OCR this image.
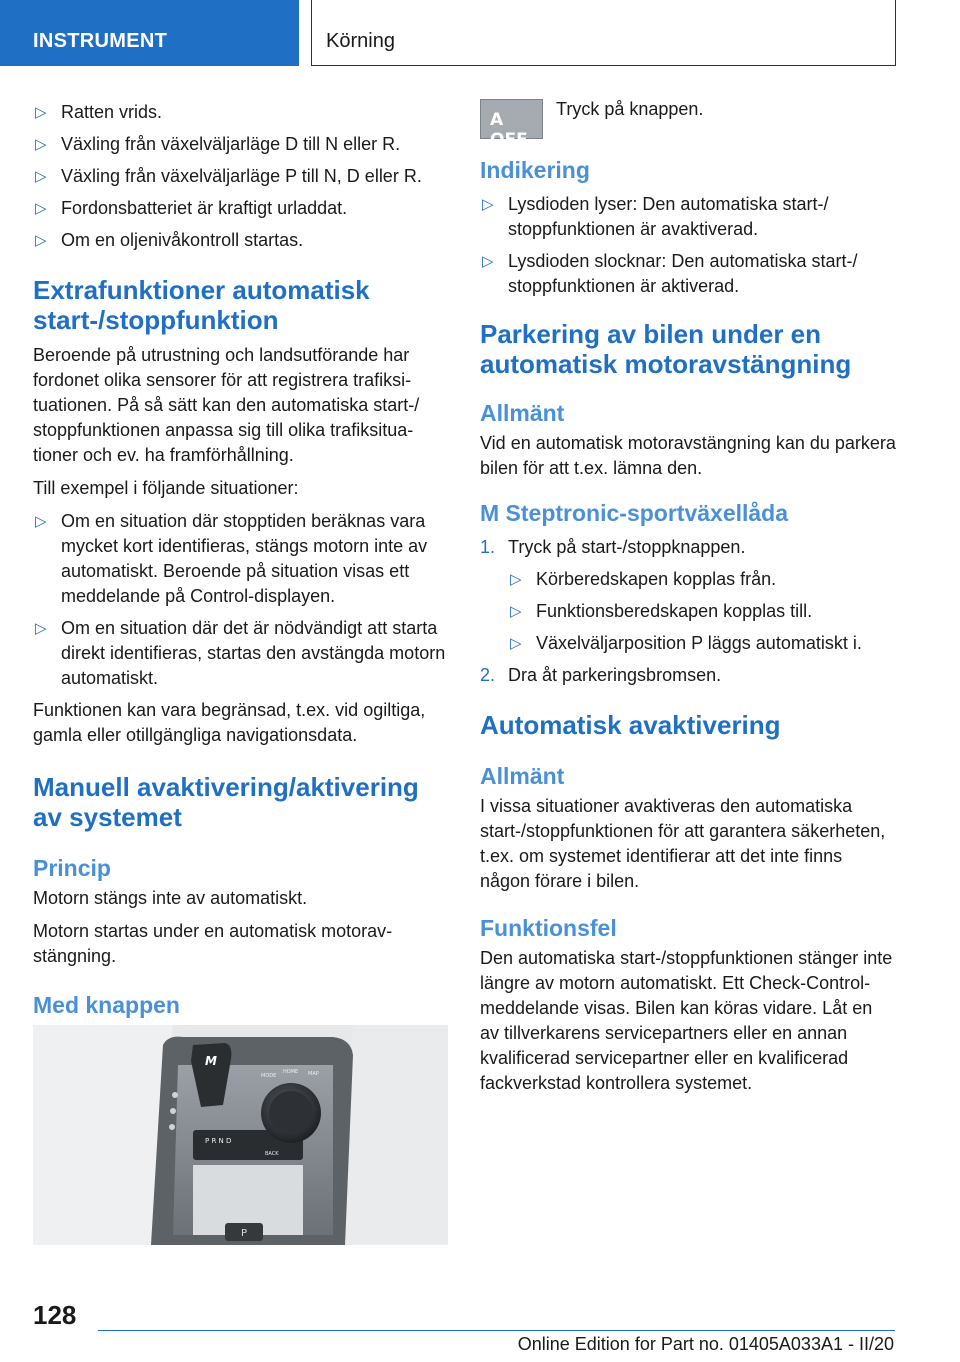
INSTRUMENT	Körning
▷ Ratten vrids.
▷ Växling från växelväljarläge D till N eller R.
▷ Växling från växelväljarläge P till N, D eller R.
▷ Fordonsbatteriet är kraftigt urladdat.
▷ Om en oljenivåkontroll startas.
Extrafunktioner automatisk start-/stoppfunktion

Beroende på utrustning och landsutförande har fordonet olika sensorer för att registrera trafiksituationen. På så sätt kan den automatiska start-/ stoppfunktionen anpassa sig till olika trafiksituationer och ev. ha framförhållning.

Till exempel i följande situationer:

▷ Om en situation där stopptiden beräknas vara mycket kort identifieras, stängs motorn inte av automatiskt. Beroende på situation visas ett meddelande på Control-displayen.
▷ Om en situation där det är nödvändigt att starta direkt identifieras, startas den avstängda motorn automatiskt.

Funktionen kan vara begränsad, t.ex. vid ogiltiga, gamla eller otillgängliga navigationsdata.

Manuell avaktivering/aktivering av systemet
Princip

Motorn stängs inte av automatiskt.

Motorn startas under en automatisk motoravstängning.

Med knappen
P
M
MODE
HOME MAP
BACK
P R N D
A OFF
Tryck på knappen.
Indikering
▷ Lysdioden lyser: Den automatiska start-/ stoppfunktionen är avaktiverad.
▷ Lysdioden slocknar: Den automatiska start-/ stoppfunktionen är aktiverad.
Parkering av bilen under en automatisk motoravstängning
Allmänt

Vid en automatisk motoravstängning kan du parkera bilen för att t.ex. lämna den.

M Steptronic-sportväxellåda
1. Tryck på start-/stoppknappen.
▷ Körberedskapen kopplas från.
▷ Funktionsberedskapen kopplas till.
▷ Växelväljarposition P läggs automatiskt i.
2. Dra åt parkeringsbromsen.
Automatisk avaktivering
Allmänt

I vissa situationer avaktiveras den automatiska start-/stoppfunktionen för att garantera säkerheten, t.ex. om systemet identifierar att det inte finns någon förare i bilen.

Funktionsfel

Den automatiska start-/stoppfunktionen stänger inte längre av motorn automatiskt. Ett Check-Control-meddelande visas. Bilen kan köras vidare. Låt en av tillverkarens servicepartners eller en annan kvalificerad servicepartner eller en kvalificerad fackverkstad kontrollera systemet.

128
Online Edition for Part no. 01405A033A1 - II/20
